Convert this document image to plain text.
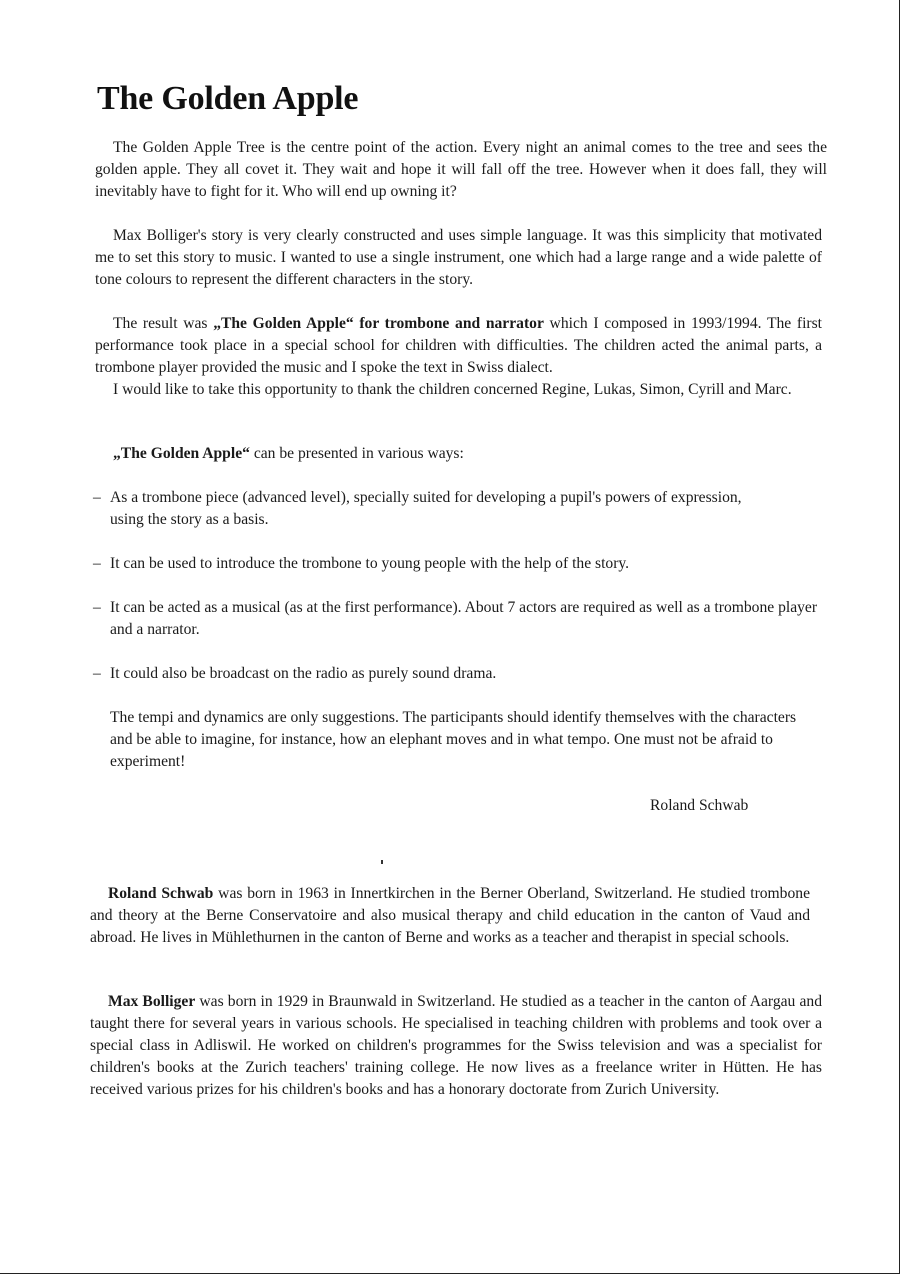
The Golden Apple

The Golden Apple Tree is the centre point of the action. Every night an animal comes to the tree and sees the golden apple. They all covet it. They wait and hope it will fall off the tree. However when it does fall, they will inevitably have to fight for it. Who will end up owning it?

Max Bolliger's story is very clearly constructed and uses simple language. It was this simplicity that motivated me to set this story to music. I wanted to use a single instrument, one which had a large range and a wide palette of tone colours to represent the different characters in the story.

The result was „The Golden Apple“ for trombone and narrator which I composed in 1993/1994. The first performance took place in a special school for children with difficulties. The children acted the animal parts, a trombone player provided the music and I spoke the text in Swiss dialect.

I would like to take this opportunity to thank the children concerned Regine, Lukas, Simon, Cyrill and Marc.

„The Golden Apple“ can be presented in various ways:

– As a trombone piece (advanced level), specially suited for developing a pupil's powers of expression, using the story as a basis.
– It can be used to introduce the trombone to young people with the help of the story.
– It can be acted as a musical (as at the first performance). About 7 actors are required as well as a trombone player and a narrator.
– It could also be broadcast on the radio as purely sound drama.

The tempi and dynamics are only suggestions. The participants should identify themselves with the characters and be able to imagine, for instance, how an elephant moves and in what tempo. One must not be afraid to experiment!

Roland Schwab

Roland Schwab was born in 1963 in Innertkirchen in the Berner Oberland, Switzerland. He studied trombone and theory at the Berne Conservatoire and also musical therapy and child education in the canton of Vaud and abroad. He lives in Mühlethurnen in the canton of Berne and works as a teacher and therapist in special schools.

Max Bolliger was born in 1929 in Braunwald in Switzerland. He studied as a teacher in the canton of Aargau and taught there for several years in various schools. He specialised in teaching children with problems and took over a special class in Adliswil. He worked on children's programmes for the Swiss television and was a specialist for children's books at the Zurich teachers' training college. He now lives as a freelance writer in Hütten. He has received various prizes for his children's books and has a honorary doctorate from Zurich University.
